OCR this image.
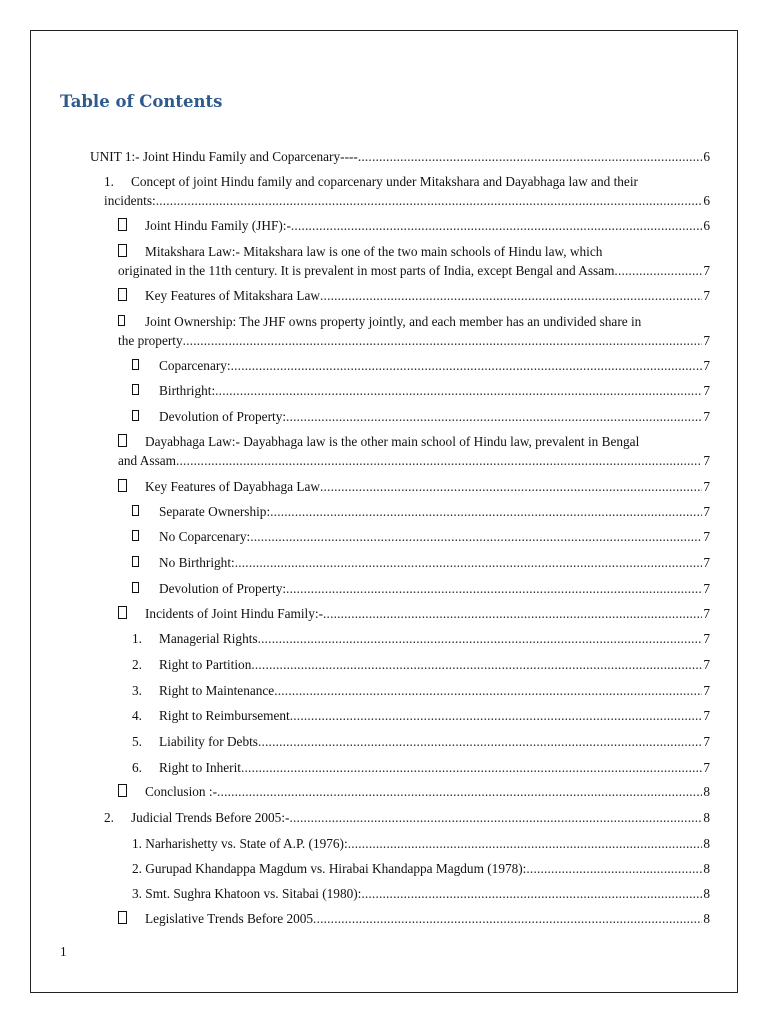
Table of Contents
UNIT 1:- Joint Hindu Family and Coparcenary---- .....	6
1. Concept of joint Hindu family and coparcenary under Mitakshara and Dayabhaga law and their
incidents: .....	6
Joint Hindu Family (JHF):- .....	6
Mitakshara Law:- Mitakshara law is one of the two main schools of Hindu law, which
originated in the 11th century. It is prevalent in most parts of India, except Bengal and Assam .....	7
Key Features of Mitakshara Law .....	7
Joint Ownership: The JHF owns property jointly, and each member has an undivided share in
the property .....	7
Coparcenary: .....	7
Birthright: .....	7
Devolution of Property: .....	7
Dayabhaga Law:- Dayabhaga law is the other main school of Hindu law, prevalent in Bengal
and Assam .....	7
Key Features of Dayabhaga Law .....	7
Separate Ownership: .....	7
No Coparcenary: .....	7
No Birthright: .....	7
Devolution of Property: .....	7
Incidents of Joint Hindu Family:- .....	7
1.	Managerial Rights .....	7
2.	Right to Partition .....	7
3.	Right to Maintenance .....	7
4.	Right to Reimbursement .....	7
5.	Liability for Debts .....	7
6.	Right to Inherit .....	7
Conclusion :- .....	8
2.	Judicial Trends Before 2005:- .....	8
1. Narharishetty vs. State of A.P. (1976): .....	8
2. Gurupad Khandappa Magdum vs. Hirabai Khandappa Magdum (1978): .....	8
3. Smt. Sughra Khatoon vs. Sitabai (1980): .....	8
Legislative Trends Before 2005 .....	8
1
